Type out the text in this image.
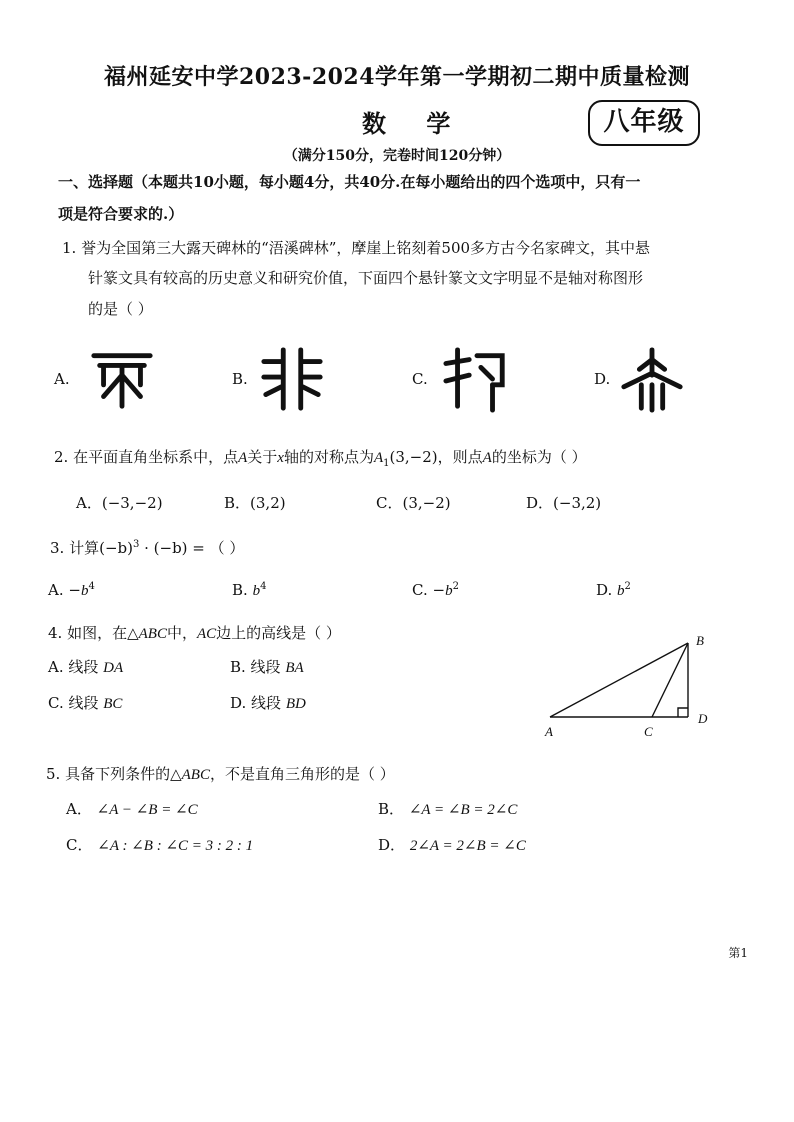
福州延安中学2023-2024学年第一学期初二期中质量检测
数 学	八年级
（满分150分，完卷时间120分钟）
一、选择题（本题共10小题，每小题4分，共40分.在每小题给出的四个选项中，只有一
项是符合要求的.）
1. 誉为全国第三大露天碑林的“浯溪碑林”，摩崖上铭刻着500多方古今名家碑文，其中悬
针篆文具有较高的历史意义和研究价值，下面四个悬针篆文文字明显不是轴对称图形
的是（ ）
A.	B.	C.	D.
2. 在平面直角坐标系中，点A关于x轴的对称点为$A_1(3,-2)$，则点A的坐标为（ ）
A．(−3,−2)	B．(3,2)	C．(3,−2)	D．(−3,2)
3. 计算$(-b)^3 \cdot (-b)$ = （ ）
A. $-b^4$	B. $b^4$	C. $-b^2$	D. $b^2$
4. 如图，在△ABC中，AC边上的高线是（ ）
A. 线段 DA	B. 线段 BA
C. 线段 BC	D. 线段 BD
A	C
B
D
5. 具备下列条件的△ABC，不是直角三角形的是（ ）
A． ∠A − ∠B = ∠C	B． ∠A = ∠B = 2∠C
C． ∠A : ∠B : ∠C = 3 : 2 : 1	D． 2∠A = 2∠B = ∠C
第1
